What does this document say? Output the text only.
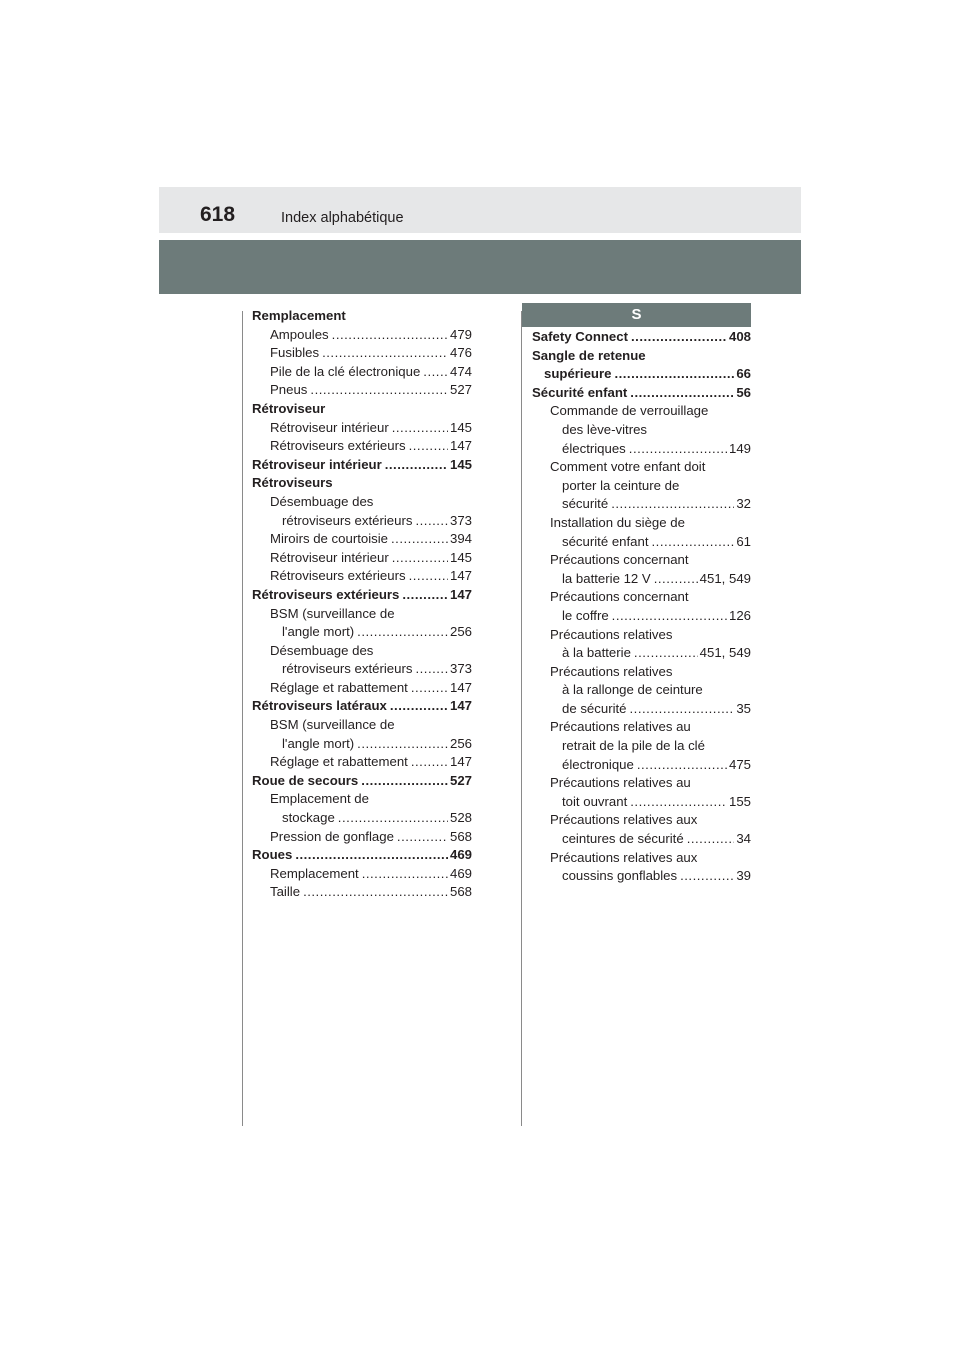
618	Index alphabétique
S
Remplacement
Ampoules .....	479
Fusibles .....	476
Pile de la clé électronique ..... 474
Pneus .....	527
Rétroviseur
Rétroviseur intérieur .....	145
Rétroviseurs extérieurs .....	147
Rétroviseur intérieur .....	145
Rétroviseurs
Désembuage des
rétroviseurs extérieurs .....	373
Miroirs de courtoisie .....	394
Rétroviseur intérieur .....	145
Rétroviseurs extérieurs .....	147
Rétroviseurs extérieurs .....	147
BSM (surveillance de
l'angle mort) .....	256
Désembuage des
rétroviseurs extérieurs .....	373
Réglage et rabattement .....	147
Rétroviseurs latéraux .....	147
BSM (surveillance de
l'angle mort) .....	256
Réglage et rabattement .....	147
Roue de secours .....	527
Emplacement de
stockage .....	528
Pression de gonflage .....	568
Roues .....	469
Remplacement .....	469
Taille .....	568
Safety Connect .....	408
Sangle de retenue
supérieure .....	66
Sécurité enfant .....	56
Commande de verrouillage
des lève-vitres
électriques .....	149
Comment votre enfant doit
porter la ceinture de
sécurité .....	32
Installation du siège de
sécurité enfant .....	61
Précautions concernant
la batterie 12 V .....	451, 549
Précautions concernant
le coffre .....	126
Précautions relatives
à la batterie .....	451, 549
Précautions relatives
à la rallonge de ceinture
de sécurité .....	35
Précautions relatives au
retrait de la pile de la clé
électronique .....	475
Précautions relatives au
toit ouvrant .....	155
Précautions relatives aux
ceintures de sécurité .....	34
Précautions relatives aux
coussins gonflables .....	39
